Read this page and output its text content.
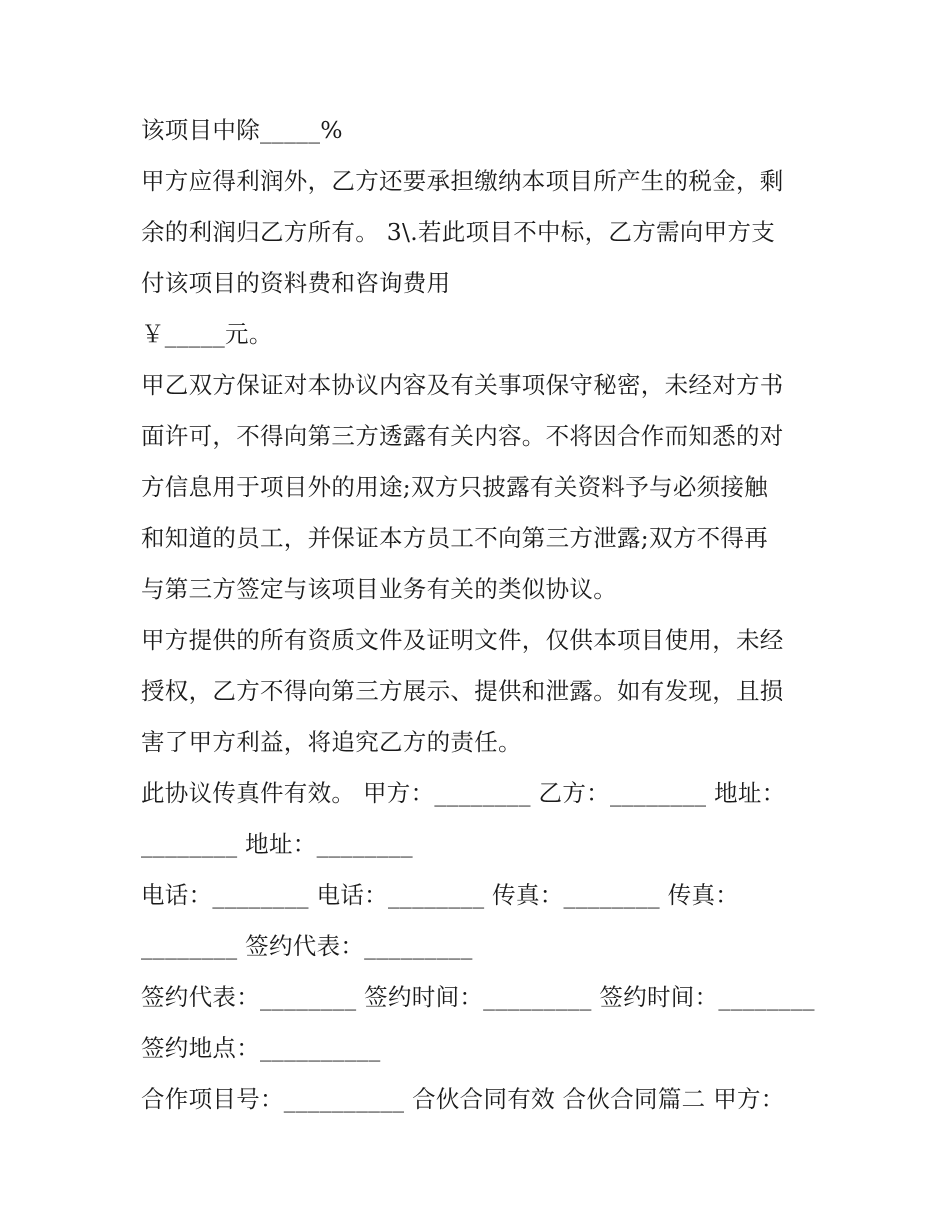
该项目中除_____%
甲方应得利润外，乙方还要承担缴纳本项目所产生的税金，剩
余的利润归乙方所有。 3\.若此项目不中标，乙方需向甲方支
付该项目的资料费和咨询费用
￥_____元。
甲乙双方保证对本协议内容及有关事项保守秘密，未经对方书
面许可，不得向第三方透露有关内容。不将因合作而知悉的对
方信息用于项目外的用途;双方只披露有关资料予与必须接触
和知道的员工，并保证本方员工不向第三方泄露;双方不得再
与第三方签定与该项目业务有关的类似协议。
甲方提供的所有资质文件及证明文件，仅供本项目使用，未经
授权，乙方不得向第三方展示、提供和泄露。如有发现，且损
害了甲方利益，将追究乙方的责任。
此协议传真件有效。 甲方：________ 乙方：________ 地址：
________ 地址：________
电话：________ 电话：________ 传真：________ 传真：
________ 签约代表：_________
签约代表：________ 签约时间：_________ 签约时间：________
签约地点：__________
合作项目号：__________ 合伙合同有效 合伙合同篇二 甲方：
